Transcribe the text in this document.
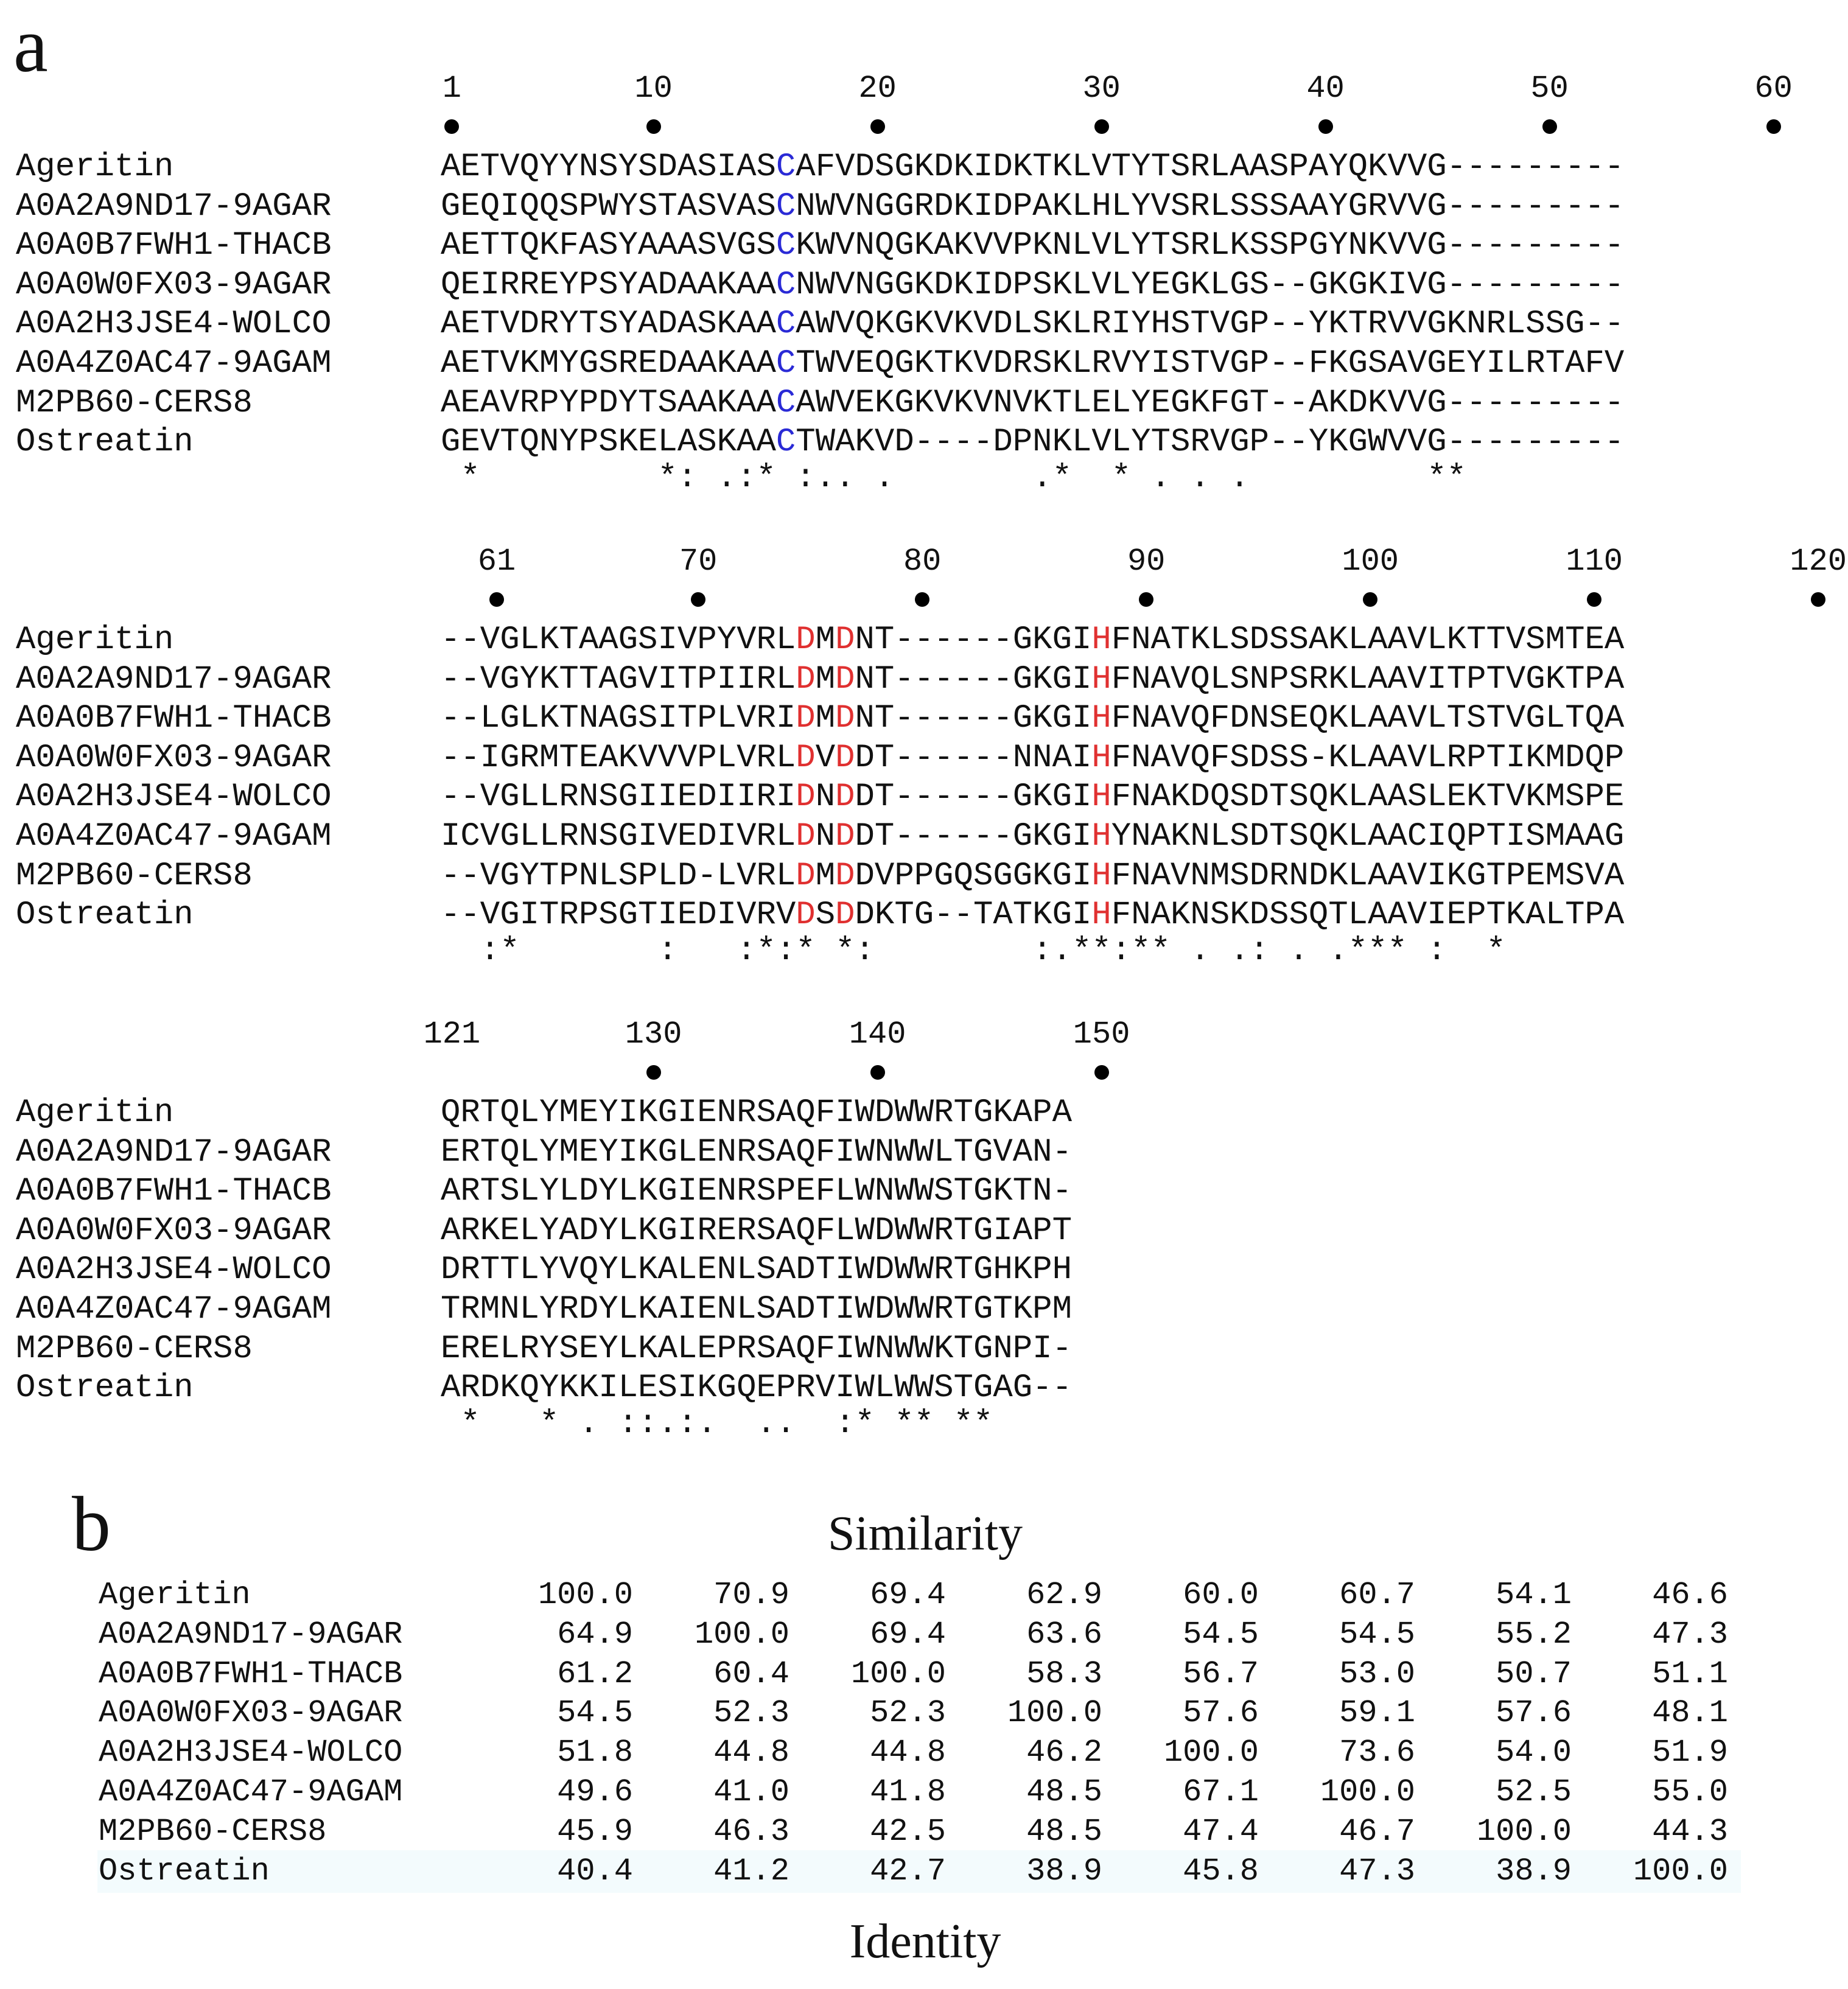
a
1	10	20	30	40	50	60
Ageritin	AETVQYYNSYSDASIASCAFVDSGKDKIDKTKLVTYTSRLAASPAYQKVVG---------
A0A2A9ND17-9AGAR	GEQIQQSPWYSTASVASCNWVNGGRDKIDPAKLHLYVSRLSSSAAYGRVVG---------
A0A0B7FWH1-THACB	AETTQKFASYAAASVGSCKWVNQGKAKVVPKNLVLYTSRLKSSPGYNKVVG---------
A0A0W0FX03-9AGAR	QEIRREYPSYADAAKAACNWVNGGKDKIDPSKLVLYEGKLGS--GKGKIVG---------
A0A2H3JSE4-WOLCO	AETVDRYTSYADASKAACAWVQKGKVKVDLSKLRIYHSTVGP--YKTRVVGKNRLSSG--
A0A4Z0AC47-9AGAM	AETVKMYGSREDAAKAACTWVEQGKTKVDRSKLRVYISTVGP--FKGSAVGEYILRTAFV
M2PB60-CERS8	AEAVRPYPDYTSAAKAACAWVEKGKVKVNVKTLELYEGKFGT--AKDKVVG---------
Ostreatin	GEVTQNYPSKELASKAACTWAKVD----DPNKLVLYTSRVGP--YKGWVVG---------
*         *: .:* :.. .       .*  * . . .         **
61	70	80	90	100	110	120
Ageritin	--VGLKTAAGSIVPYVRLDMDNT------GKGIHFNATKLSDSSAKLAAVLKTTVSMTEA
A0A2A9ND17-9AGAR	--VGYKTTAGVITPIIRLDMDNT------GKGIHFNAVQLSNPSRKLAAVITPTVGKTPA
A0A0B7FWH1-THACB	--LGLKTNAGSITPLVRIDMDNT------GKGIHFNAVQFDNSEQKLAAVLTSTVGLTQA
A0A0W0FX03-9AGAR	--IGRMTEAKVVVPLVRLDVDDT------NNAIHFNAVQFSDSS-KLAAVLRPTIKMDQP
A0A2H3JSE4-WOLCO	--VGLLRNSGIIEDIIRIDNDDT------GKGIHFNAKDQSDTSQKLAASLEKTVKMSPE
A0A4Z0AC47-9AGAM	ICVGLLRNSGIVEDIVRLDNDDT------GKGIHYNAKNLSDTSQKLAACIQPTISMAAG
M2PB60-CERS8	--VGYTPNLSPLD-LVRLDMDDVPPGQSGGKGIHFNAVNMSDRNDKLAAVIKGTPEMSVA
Ostreatin	--VGITRPSGTIEDIVRVDSDDKTG--TATKGIHFNAKNSKDSSQTLAAVIEPTKALTPA
:*       :   :*:* *:        :.**:** . .: . .*** :  *
121	130	140	150
Ageritin	QRTQLYMEYIKGIENRSAQFIWDWWRTGKAPA
A0A2A9ND17-9AGAR	ERTQLYMEYIKGLENRSAQFIWNWWLTGVAN-
A0A0B7FWH1-THACB	ARTSLYLDYLKGIENRSPEFLWNWWSTGKTN-
A0A0W0FX03-9AGAR	ARKELYADYLKGIRERSAQFLWDWWRTGIAPT
A0A2H3JSE4-WOLCO	DRTTLYVQYLKALENLSADTIWDWWRTGHKPH
A0A4Z0AC47-9AGAM	TRMNLYRDYLKAIENLSADTIWDWWRTGTKPM
M2PB60-CERS8	ERELRYSEYLKALEPRSAQFIWNWWKTGNPI-
Ostreatin	ARDKQYKKILESIKGQEPRVIWLWWSTGAG--
*   * . ::.:.  ..  :* ** **
b	Similarity
Ageritin	100.0	70.9	69.4	62.9	60.0	60.7	54.1	46.6
A0A2A9ND17-9AGAR	64.9	100.0	69.4	63.6	54.5	54.5	55.2	47.3
A0A0B7FWH1-THACB	61.2	60.4	100.0	58.3	56.7	53.0	50.7	51.1
A0A0W0FX03-9AGAR	54.5	52.3	52.3	100.0	57.6	59.1	57.6	48.1
A0A2H3JSE4-WOLCO	51.8	44.8	44.8	46.2	100.0	73.6	54.0	51.9
A0A4Z0AC47-9AGAM	49.6	41.0	41.8	48.5	67.1	100.0	52.5	55.0
M2PB60-CERS8	45.9	46.3	42.5	48.5	47.4	46.7	100.0	44.3
Ostreatin	40.4	41.2	42.7	38.9	45.8	47.3	38.9	100.0
Identity
